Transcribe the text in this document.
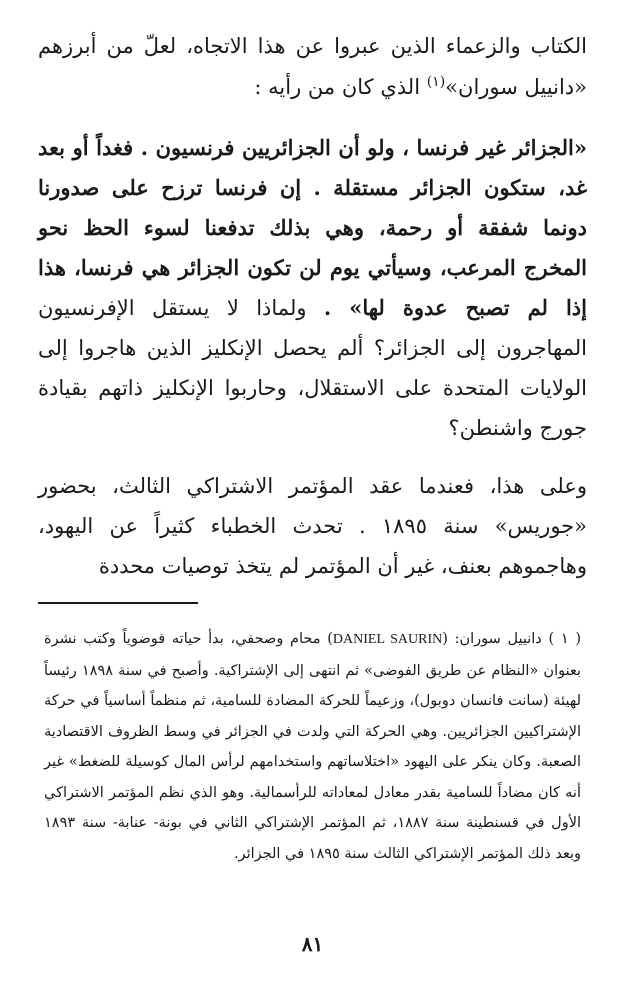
الكتاب والزعماء الذين عبروا عن هذا الاتجاه، لعلّ من أبرزهم «دانييل سوران»$^{(١)}$ الذي كان من رأيه :

«الجزائر غير فرنسا ، ولو أن الجزائريين فرنسيون . فغداً أو بعد غد، ستكون الجزائر مستقلة . إن فرنسا ترزح على صدورنا دونما شفقة أو رحمة، وهي بذلك تدفعنا لسوء الحظ نحو المخرج المرعب، وسيأتي يوم لن تكون الجزائر هي فرنسا، هذا إذا لم تصبح عدوة لها» . ولماذا لا يستقل الإفرنسيون المهاجرون إلى الجزائر؟ ألم يحصل الإنكليز الذين هاجروا إلى الولايات المتحدة على الاستقلال، وحاربوا الإنكليز ذاتهم بقيادة جورج واشنطن؟

وعلى هذا، فعندما عقد المؤتمر الاشتراكي الثالث، بحضور «جوريس» سنة ١٨٩٥ . تحدث الخطباء كثيراً عن اليهود، وهاجموهم بعنف، غير أن المؤتمر لم يتخذ توصيات محددة

( ١ ) دانييل سوران: (DANIEL SAURIN) محام وصحفي، بدأ حياته فوضوياً وكتب نشرة بعنوان «النظام عن طريق الفوضى» ثم انتهى إلى الإشتراكية. وأصبح في سنة ١٨٩٨ رئيساً لهيئة (سانت فانسان دوبول)، وزعيماً للحركة المضادة للسامية، ثم منظماً أساسياً في حركة الإشتراكيين الجزائريين. وهي الحركة التي ولدت في الجزائر في وسط الظروف الاقتصادية الصعبة. وكان ينكر على اليهود «اختلاساتهم واستخدامهم لرأس المال كوسيلة للضغط» غير أنه كان مضاداً للسامية بقدر معادل لمعاداته للرأسمالية. وهو الذي نظم المؤتمر الاشتراكي الأول في قسنطينة سنة ١٨٨٧، ثم المؤتمر الإشتراكي الثاني في بونة- عنابة- سنة ١٨٩٣ وبعد ذلك المؤتمر الإشتراكي الثالث سنة ١٨٩٥ في الجزائر.

٨١
